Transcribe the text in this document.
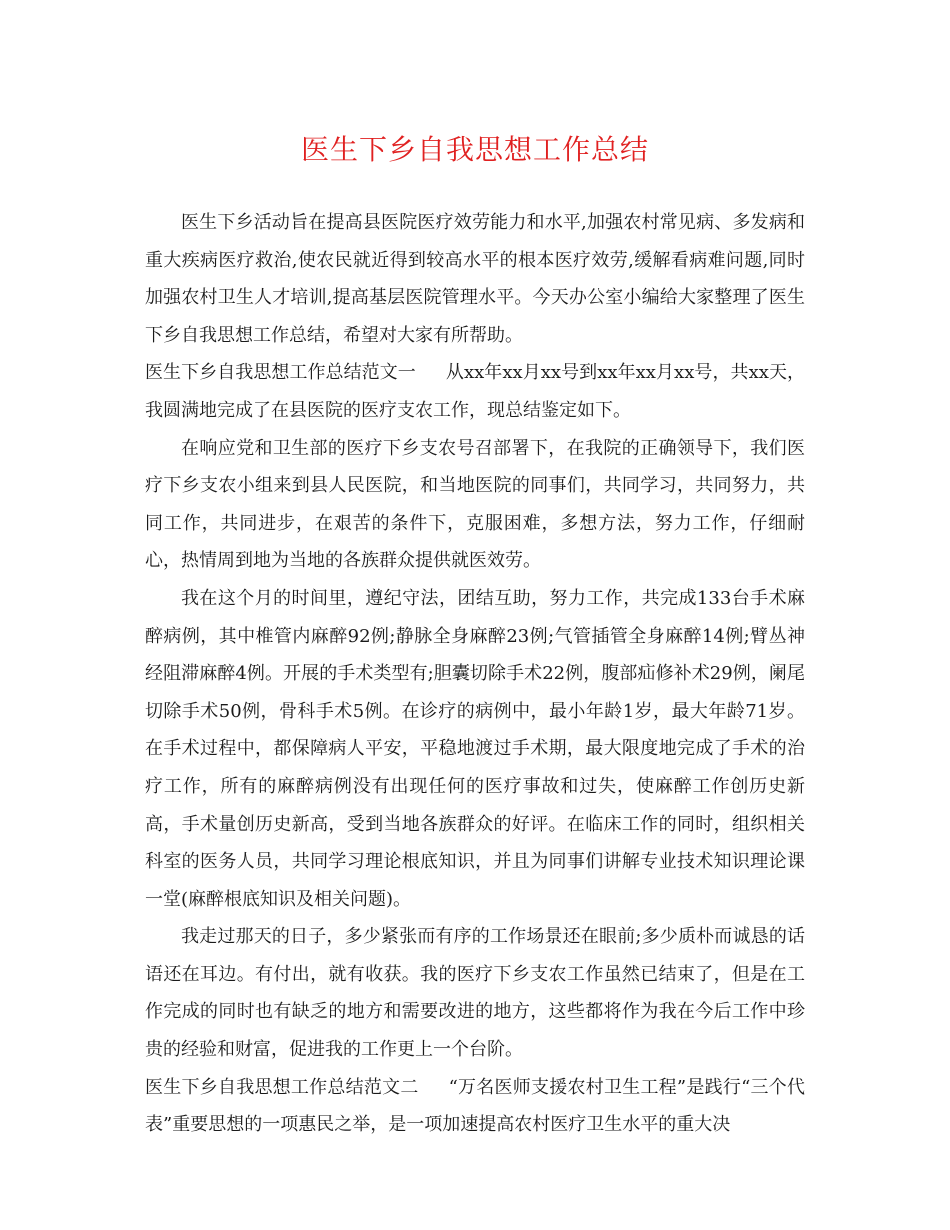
医生下乡自我思想工作总结

医生下乡活动旨在提高县医院医疗效劳能力和水平,加强农村常见病、多发病和重大疾病医疗救治,使农民就近得到较高水平的根本医疗效劳,缓解看病难问题,同时加强农村卫生人才培训,提高基层医院管理水平。今天办公室小编给大家整理了医生下乡自我思想工作总结，希望对大家有所帮助。

医生下乡自我思想工作总结范文一 从xx年xx月xx号到xx年xx月xx号，共xx天，我圆满地完成了在县医院的医疗支农工作，现总结鉴定如下。

在响应党和卫生部的医疗下乡支农号召部署下，在我院的正确领导下，我们医疗下乡支农小组来到县人民医院，和当地医院的同事们，共同学习，共同努力，共同工作，共同进步，在艰苦的条件下，克服困难，多想方法，努力工作，仔细耐心，热情周到地为当地的各族群众提供就医效劳。

我在这个月的时间里，遵纪守法，团结互助，努力工作，共完成133台手术麻醉病例，其中椎管内麻醉92例;静脉全身麻醉23例;气管插管全身麻醉14例;臂丛神经阻滞麻醉4例。开展的手术类型有;胆囊切除手术22例，腹部疝修补术29例，阑尾切除手术50例，骨科手术5例。在诊疗的病例中，最小年龄1岁，最大年龄71岁。在手术过程中，都保障病人平安，平稳地渡过手术期，最大限度地完成了手术的治疗工作，所有的麻醉病例没有出现任何的医疗事故和过失，使麻醉工作创历史新高，手术量创历史新高，受到当地各族群众的好评。在临床工作的同时，组织相关科室的医务人员，共同学习理论根底知识，并且为同事们讲解专业技术知识理论课一堂(麻醉根底知识及相关问题)。

我走过那天的日子，多少紧张而有序的工作场景还在眼前;多少质朴而诚恳的话语还在耳边。有付出，就有收获。我的医疗下乡支农工作虽然已结束了，但是在工作完成的同时也有缺乏的地方和需要改进的地方，这些都将作为我在今后工作中珍贵的经验和财富，促进我的工作更上一个台阶。

医生下乡自我思想工作总结范文二 “万名医师支援农村卫生工程”是践行“三个代表”重要思想的一项惠民之举，是一项加速提高农村医疗卫生水平的重大决
